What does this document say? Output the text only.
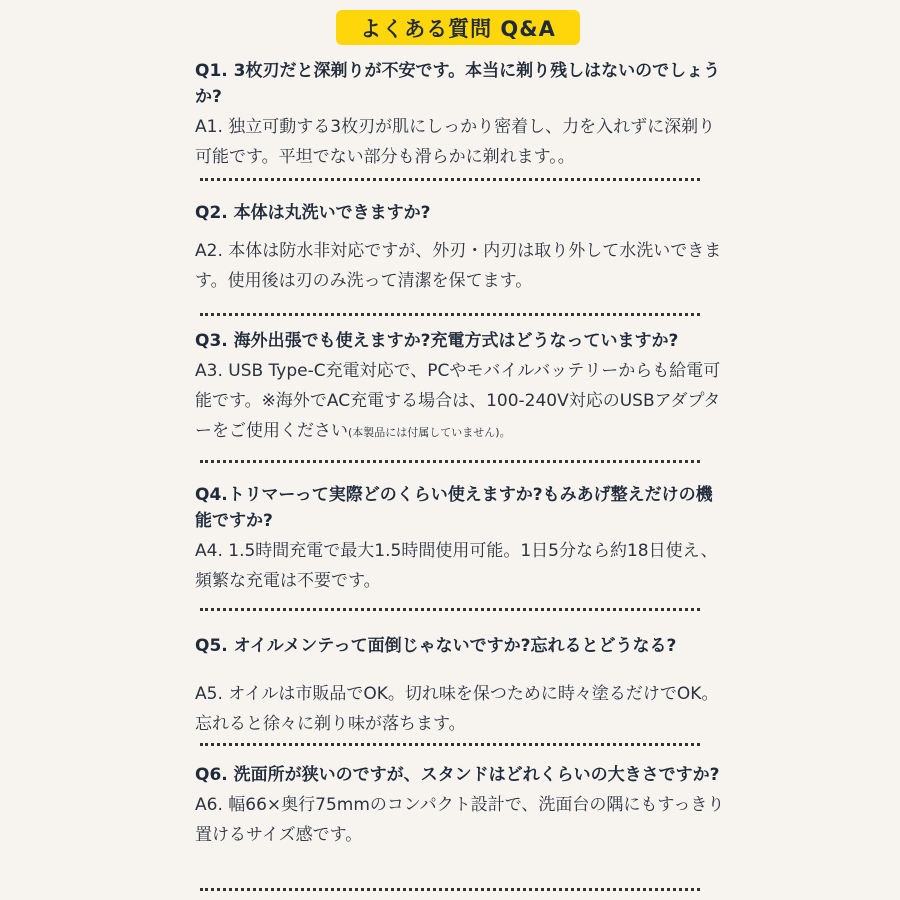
よくある質問 Q&A

Q1. 3枚刃だと深剃りが不安です。本当に剃り残しはないのでしょうか?

A1. 独立可動する3枚刃が肌にしっかり密着し、力を入れずに深剃り可能です。平坦でない部分も滑らかに剃れます。。

Q2. 本体は丸洗いできますか?

A2. 本体は防水非対応ですが、外刃・内刃は取り外して水洗いできます。使用後は刃のみ洗って清潔を保てます。

Q3. 海外出張でも使えますか?充電方式はどうなっていますか?

A3. USB Type-C充電対応で、PCやモバイルバッテリーからも給電可能です。※海外でAC充電する場合は、100-240V対応のUSBアダプターをご使用ください(本製品には付属していません)。

Q4.トリマーって実際どのくらい使えますか?もみあげ整えだけの機能ですか?

A4. 1.5時間充電で最大1.5時間使用可能。1日5分なら約18日使え、頻繁な充電は不要です。

Q5. オイルメンテって面倒じゃないですか?忘れるとどうなる?

A5. オイルは市販品でOK。切れ味を保つために時々塗るだけでOK。忘れると徐々に剃り味が落ちます。

Q6. 洗面所が狭いのですが、スタンドはどれくらいの大きさですか?

A6. 幅66×奥行75mmのコンパクト設計で、洗面台の隅にもすっきり置けるサイズ感です。
